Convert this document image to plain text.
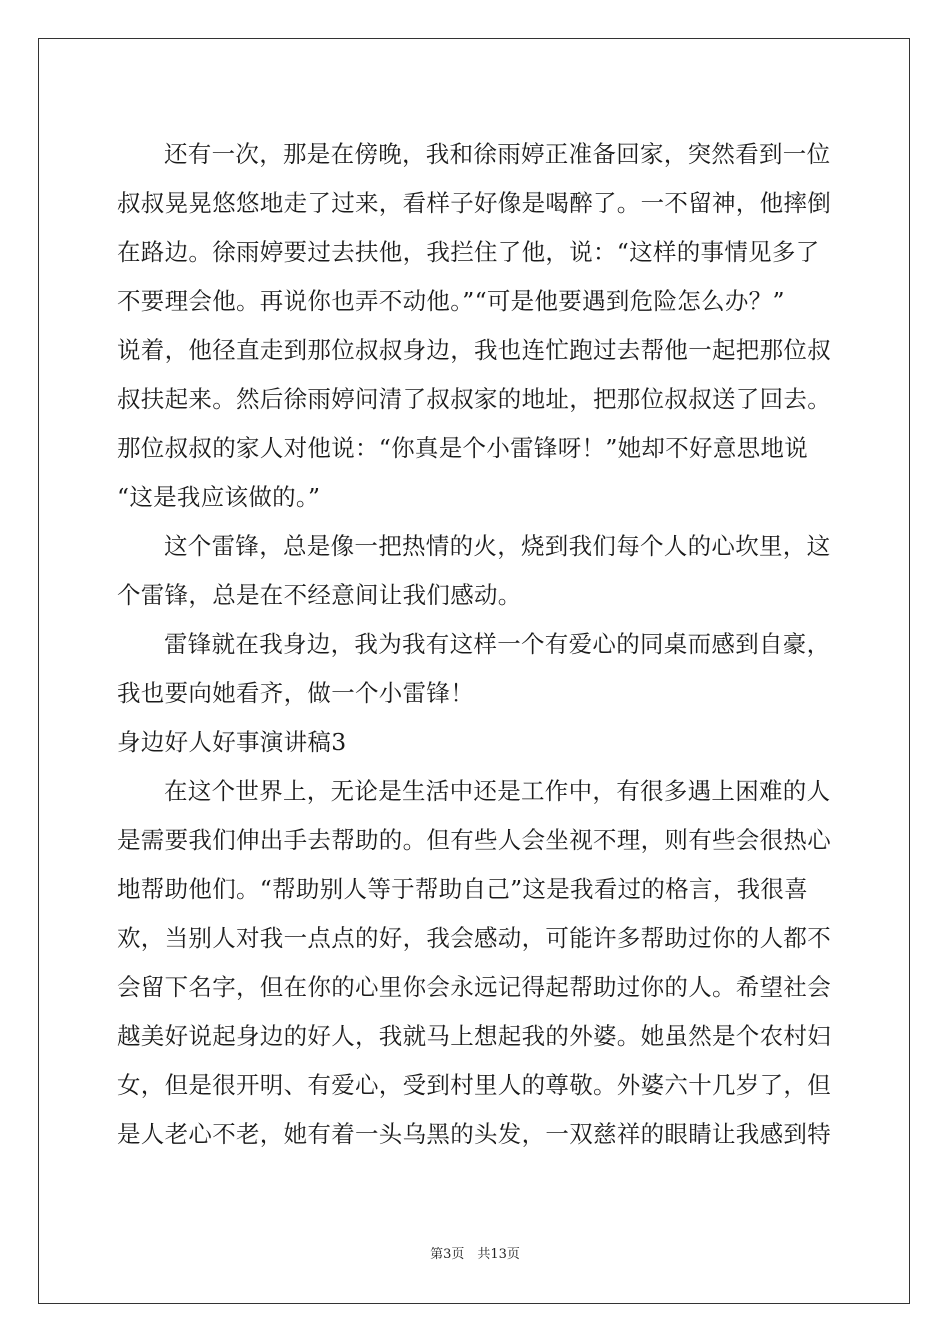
还有一次，那是在傍晚，我和徐雨婷正准备回家，突然看到一位
叔叔晃晃悠悠地走了过来，看样子好像是喝醉了。一不留神，他摔倒
在路边。徐雨婷要过去扶他，我拦住了他，说：“这样的事情见多了
不要理会他。再说你也弄不动他。”“可是他要遇到危险怎么办？”
说着，他径直走到那位叔叔身边，我也连忙跑过去帮他一起把那位叔
叔扶起来。然后徐雨婷问清了叔叔家的地址，把那位叔叔送了回去。
那位叔叔的家人对他说：“你真是个小雷锋呀！”她却不好意思地说
“这是我应该做的。”
这个雷锋，总是像一把热情的火，烧到我们每个人的心坎里，这
个雷锋，总是在不经意间让我们感动。
雷锋就在我身边，我为我有这样一个有爱心的同桌而感到自豪，
我也要向她看齐，做一个小雷锋！
身边好人好事演讲稿3
在这个世界上，无论是生活中还是工作中，有很多遇上困难的人
是需要我们伸出手去帮助的。但有些人会坐视不理，则有些会很热心
地帮助他们。“帮助别人等于帮助自己”这是我看过的格言，我很喜
欢，当别人对我一点点的好，我会感动，可能许多帮助过你的人都不
会留下名字，但在你的心里你会永远记得起帮助过你的人。希望社会
越美好说起身边的好人，我就马上想起我的外婆。她虽然是个农村妇
女，但是很开明、有爱心，受到村里人的尊敬。外婆六十几岁了，但
是人老心不老，她有着一头乌黑的头发，一双慈祥的眼睛让我感到特
第3页　共13页
